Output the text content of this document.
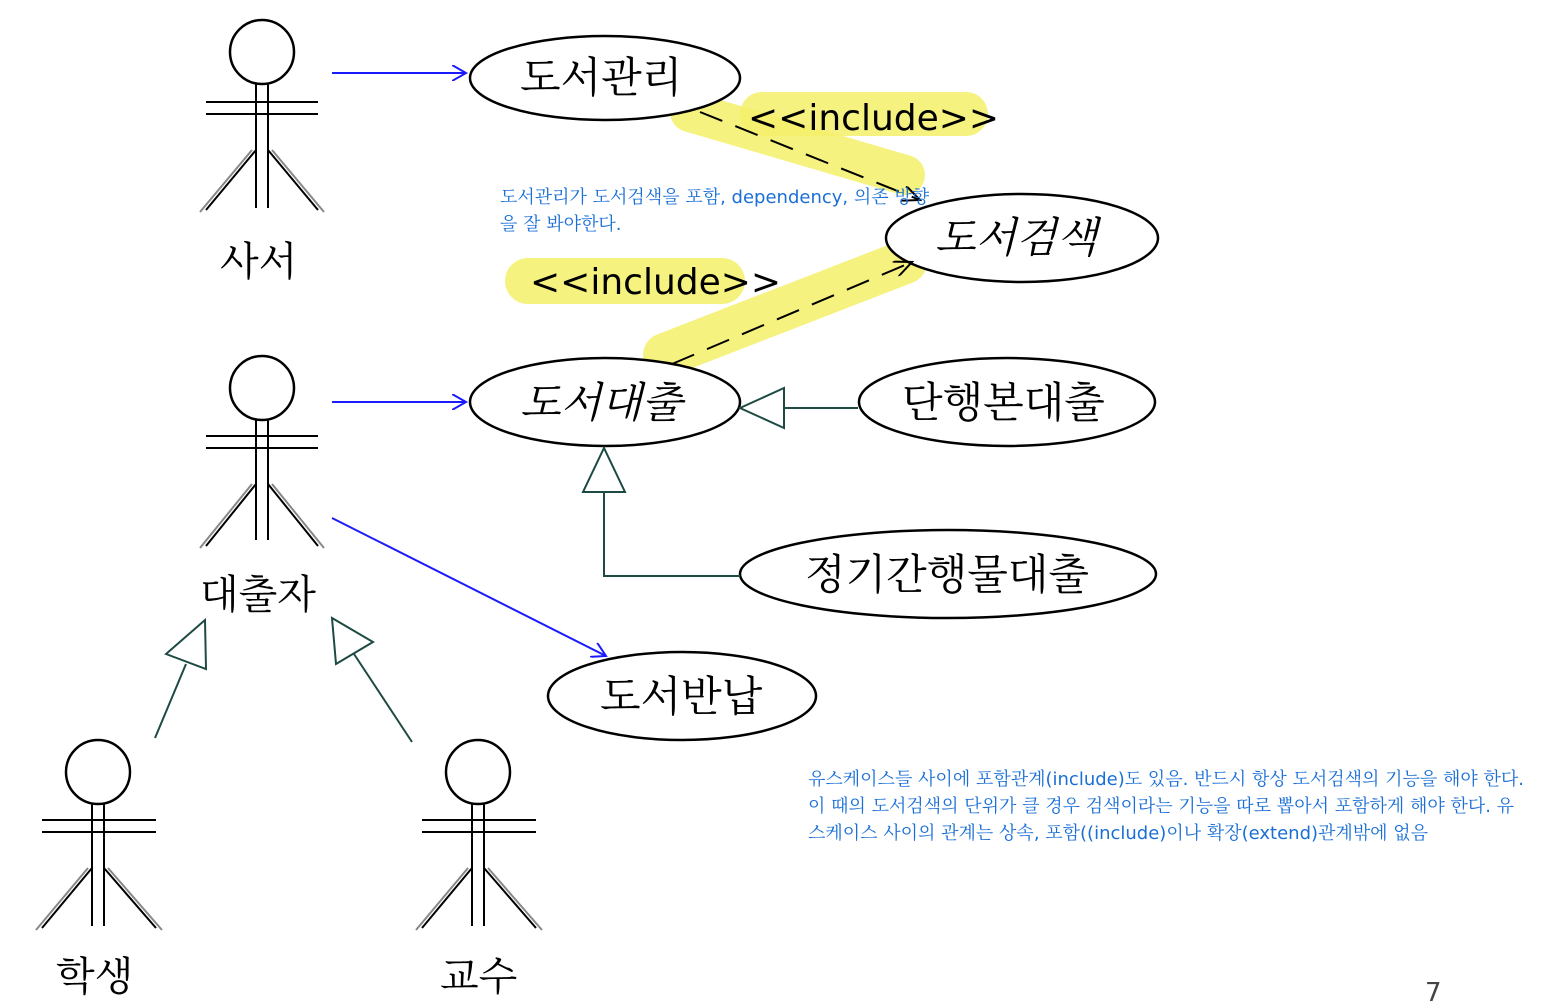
사서
대출자
학생	교수
도서관리
도서검색
도서대출	단행본대출
정기간행물대출
도서반납
<<include>>
<<include>>

도서관리가 도서검색을 포함, dependency, 의존 방향을 잘 봐야한다.

유스케이스들 사이에 포함관계(include)도 있음. 반드시 항상 도서검색의 기능을 해야 한다. 이 때의 도서검색의 단위가 클 경우 검색이라는 기능을 따로 뽑아서 포함하게 해야 한다. 유스케이스 사이의 관계는 상속, 포함((include)이나 확장(extend)관계밖에 없음

7
